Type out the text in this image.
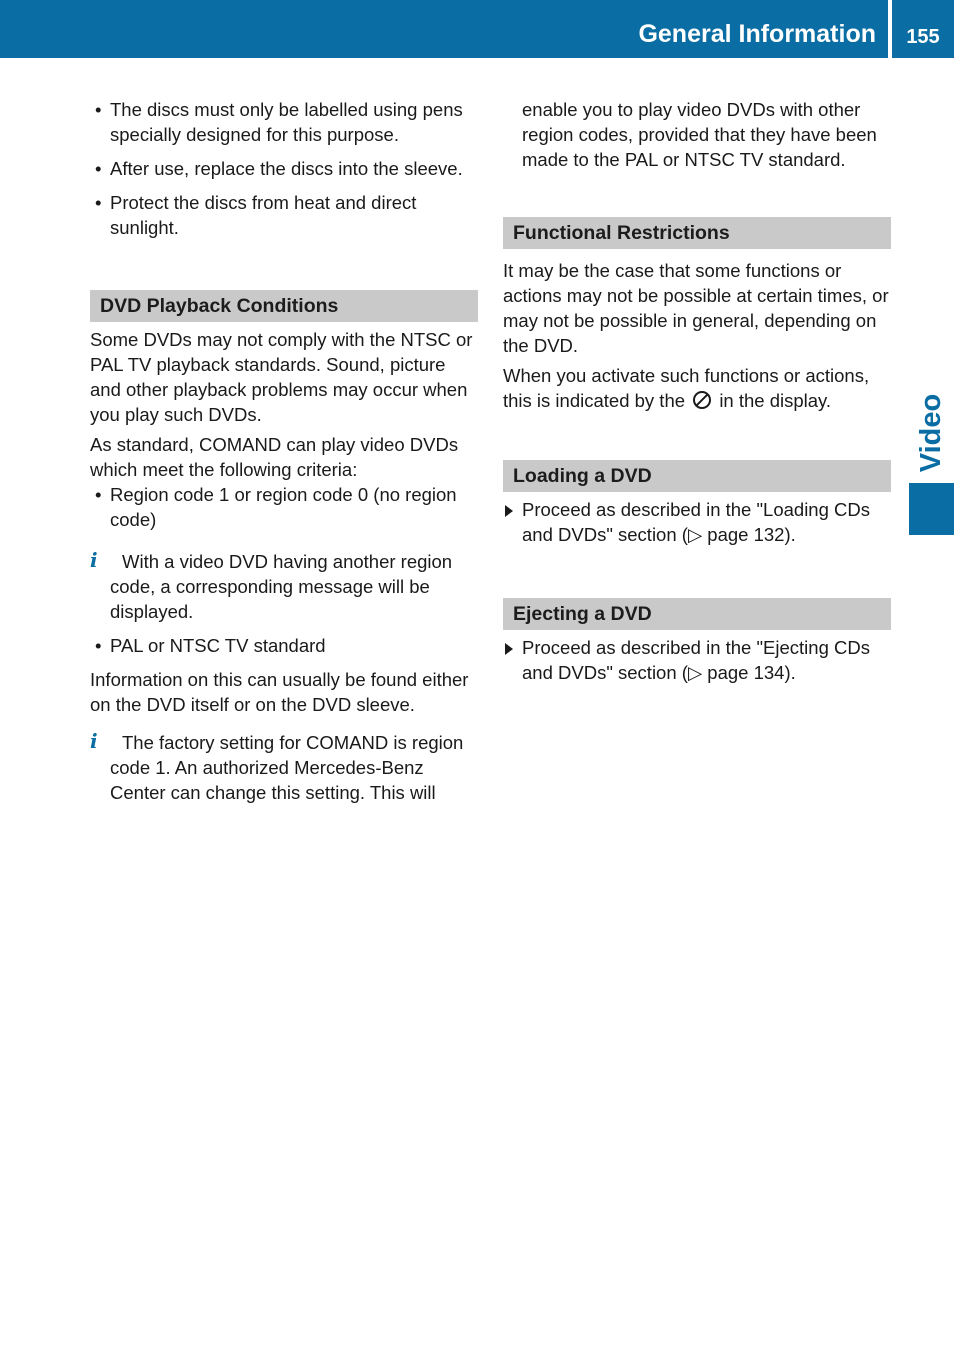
General Information	155
Video
• The discs must only be labelled using pens specially designed for this purpose.
• After use, replace the discs into the sleeve.
• Protect the discs from heat and direct sunlight.
DVD Playback Conditions

Some DVDs may not comply with the NTSC or PAL TV playback standards. Sound, picture and other playback problems may occur when you play such DVDs.

As standard, COMAND can play video DVDs which meet the following criteria:

• Region code 1 or region code 0 (no region code)
i	With a video DVD having another region code, a corresponding message will be displayed.
• PAL or NTSC TV standard

Information on this can usually be found either on the DVD itself or on the DVD sleeve.

i	The factory setting for COMAND is region code 1. An authorized Mercedes-Benz Center can change this setting. This will

enable you to play video DVDs with other region codes, provided that they have been made to the PAL or NTSC TV standard.

Functional Restrictions

It may be the case that some functions or actions may not be possible at certain times, or may not be possible in general, depending on the DVD.

When you activate such functions or actions, this is indicated by the in the display.

Loading a DVD
Proceed as described in the "Loading CDs and DVDs" section (▷ page 132).
Ejecting a DVD
Proceed as described in the "Ejecting CDs and DVDs" section (▷ page 134).
